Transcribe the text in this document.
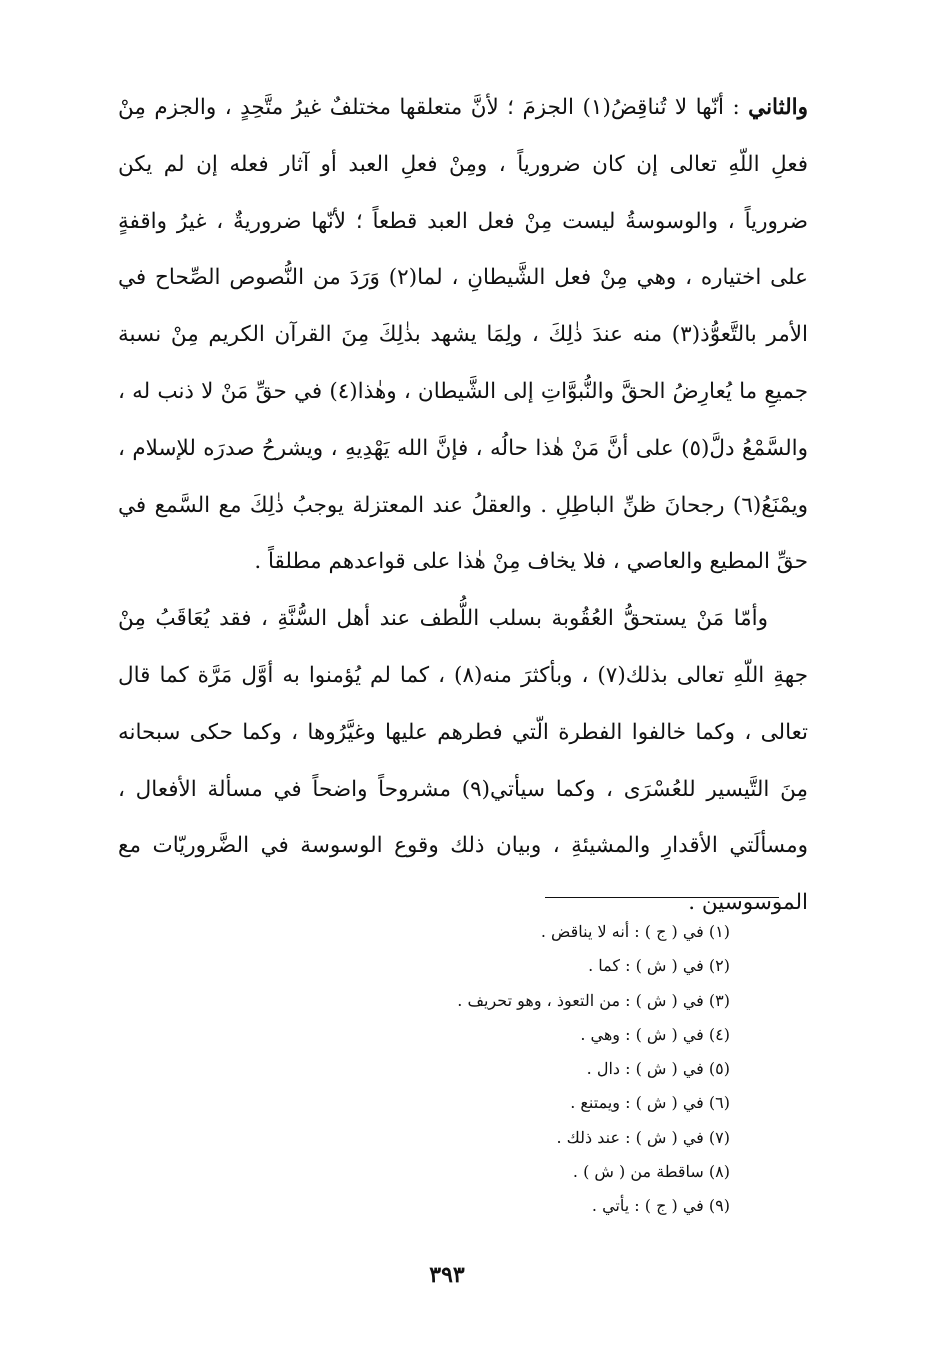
والثاني : أنّها لا تُناقِضُ(١) الجزمَ ؛ لأنَّ متعلقها مختلفٌ غيرُ متَّحِدٍ ، والجزم مِنْ فعلِ اللّهِ تعالى إن كان ضرورياً ، ومِنْ فعلِ العبد أو آثار فعله إن لم يكن ضرورياً ، والوسوسةُ ليست مِنْ فعل العبد قطعاً ؛ لأنّها ضروريةٌ ، غيرُ واقفةٍ على اختياره ، وهي مِنْ فعل الشَّيطانِ ، لما(٢) وَرَدَ من النُّصوص الصِّحاح في الأمر بالتَّعوُّذ(٣) منه عندَ ذٰلِكَ ، ولِمَا يشهد بذٰلِكَ مِنَ القرآن الكريم مِنْ نسبة جميعِ ما يُعارِضُ الحقَّ والنُّبوَّاتِ إلى الشَّيطان ، وهٰذا(٤) في حقِّ مَنْ لا ذنب له ، والسَّمْعُ دلَّ(٥) على أنَّ مَنْ هٰذا حالُه ، فإنَّ الله يَهْدِيهِ ، ويشرحُ صدرَه للإسلام ، ويمْنَعُ(٦) رجحانَ ظنِّ الباطِلِ . والعقلُ عند المعتزلة يوجبُ ذٰلِكَ مع السَّمع في حقِّ المطيع والعاصي ، فلا يخاف مِنْ هٰذا على قواعدهم مطلقاً .

وأمّا مَنْ يستحقُّ العُقُوبة بسلب اللُّطف عند أهل السُّنَّةِ ، فقد يُعَاقَبُ مِنْ جهةِ اللّهِ تعالى بذلك(٧) ، وبأكثرَ منه(٨) ، كما لم يُؤمنوا به أوَّل مَرَّة كما قال تعالى ، وكما خالفوا الفطرة الّتي فطرهم عليها وغيَّرُوها ، وكما حكى سبحانه مِنَ التَّيسير للعُسْرَى ، وكما سيأتي(٩) مشروحاً واضحاً في مسألة الأفعال ، ومسألَتي الأقدارِ والمشيئةِ ، وبيان ذلك وقوع الوسوسة في الضَّروريّات مع الموسوسين .

(١) في ( ج ) : أنه لا يناقض .
(٢) في ( ش ) : كما .
(٣) في ( ش ) : من التعوذ ، وهو تحريف .
(٤) في ( ش ) : وهي .
(٥) في ( ش ) : دال .
(٦) في ( ش ) : ويمتنع .
(٧) في ( ش ) : عند ذلك .
(٨) ساقطة من ( ش ) .
(٩) في ( ج ) : يأتي .
٣٩٣
